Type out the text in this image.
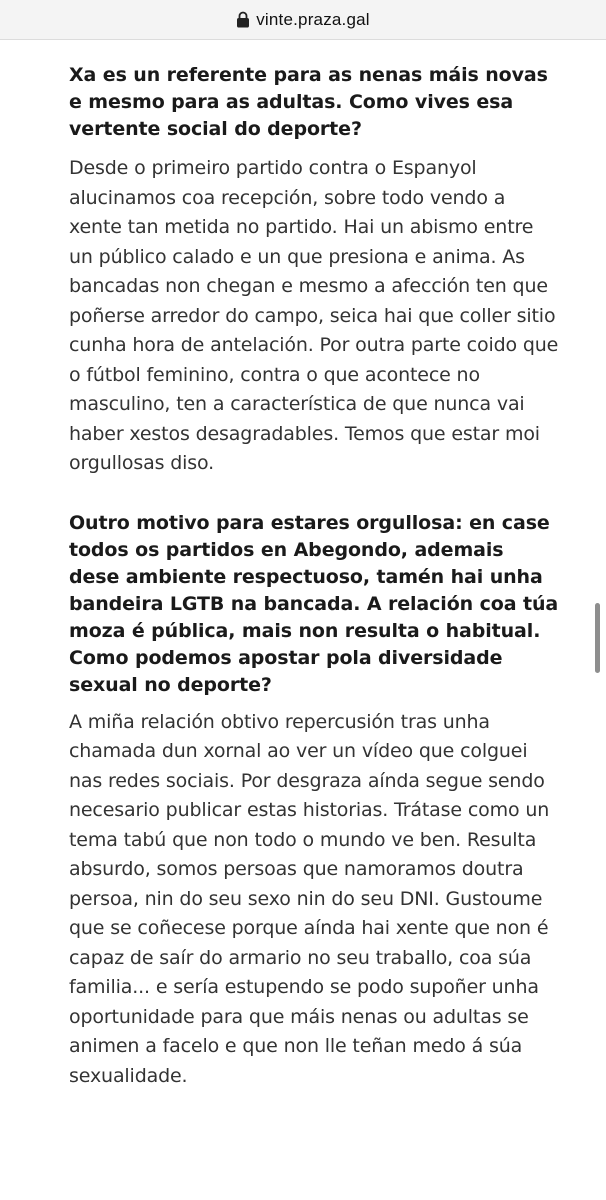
vinte.praza.gal
Xa es un referente para as nenas máis novas e mesmo para as adultas. Como vives esa vertente social do deporte?

Desde o primeiro partido contra o Espanyol alucinamos coa recepción, sobre todo vendo a xente tan metida no partido. Hai un abismo entre un público calado e un que presiona e anima. As bancadas non chegan e mesmo a afección ten que poñerse arredor do campo, seica hai que coller sitio cunha hora de antelación. Por outra parte coido que o fútbol feminino, contra o que acontece no masculino, ten a característica de que nunca vai haber xestos desagradables. Temos que estar moi orgullosas diso.

Outro motivo para estares orgullosa: en case todos os partidos en Abegondo, ademais dese ambiente respectuoso, tamén hai unha bandeira LGTB na bancada. A relación coa túa moza é pública, mais non resulta o habitual. Como podemos apostar pola diversidade sexual no deporte?

A miña relación obtivo repercusión tras unha chamada dun xornal ao ver un vídeo que colguei nas redes sociais. Por desgraza aínda segue sendo necesario publicar estas historias. Trátase como un tema tabú que non todo o mundo ve ben. Resulta absurdo, somos persoas que namoramos doutra persoa, nin do seu sexo nin do seu DNI. Gustoume que se coñecese porque aínda hai xente que non é capaz de saír do armario no seu traballo, coa súa familia... e sería estupendo se podo supoñer unha oportunidade para que máis nenas ou adultas se animen a facelo e que non lle teñan medo á súa sexualidade.
